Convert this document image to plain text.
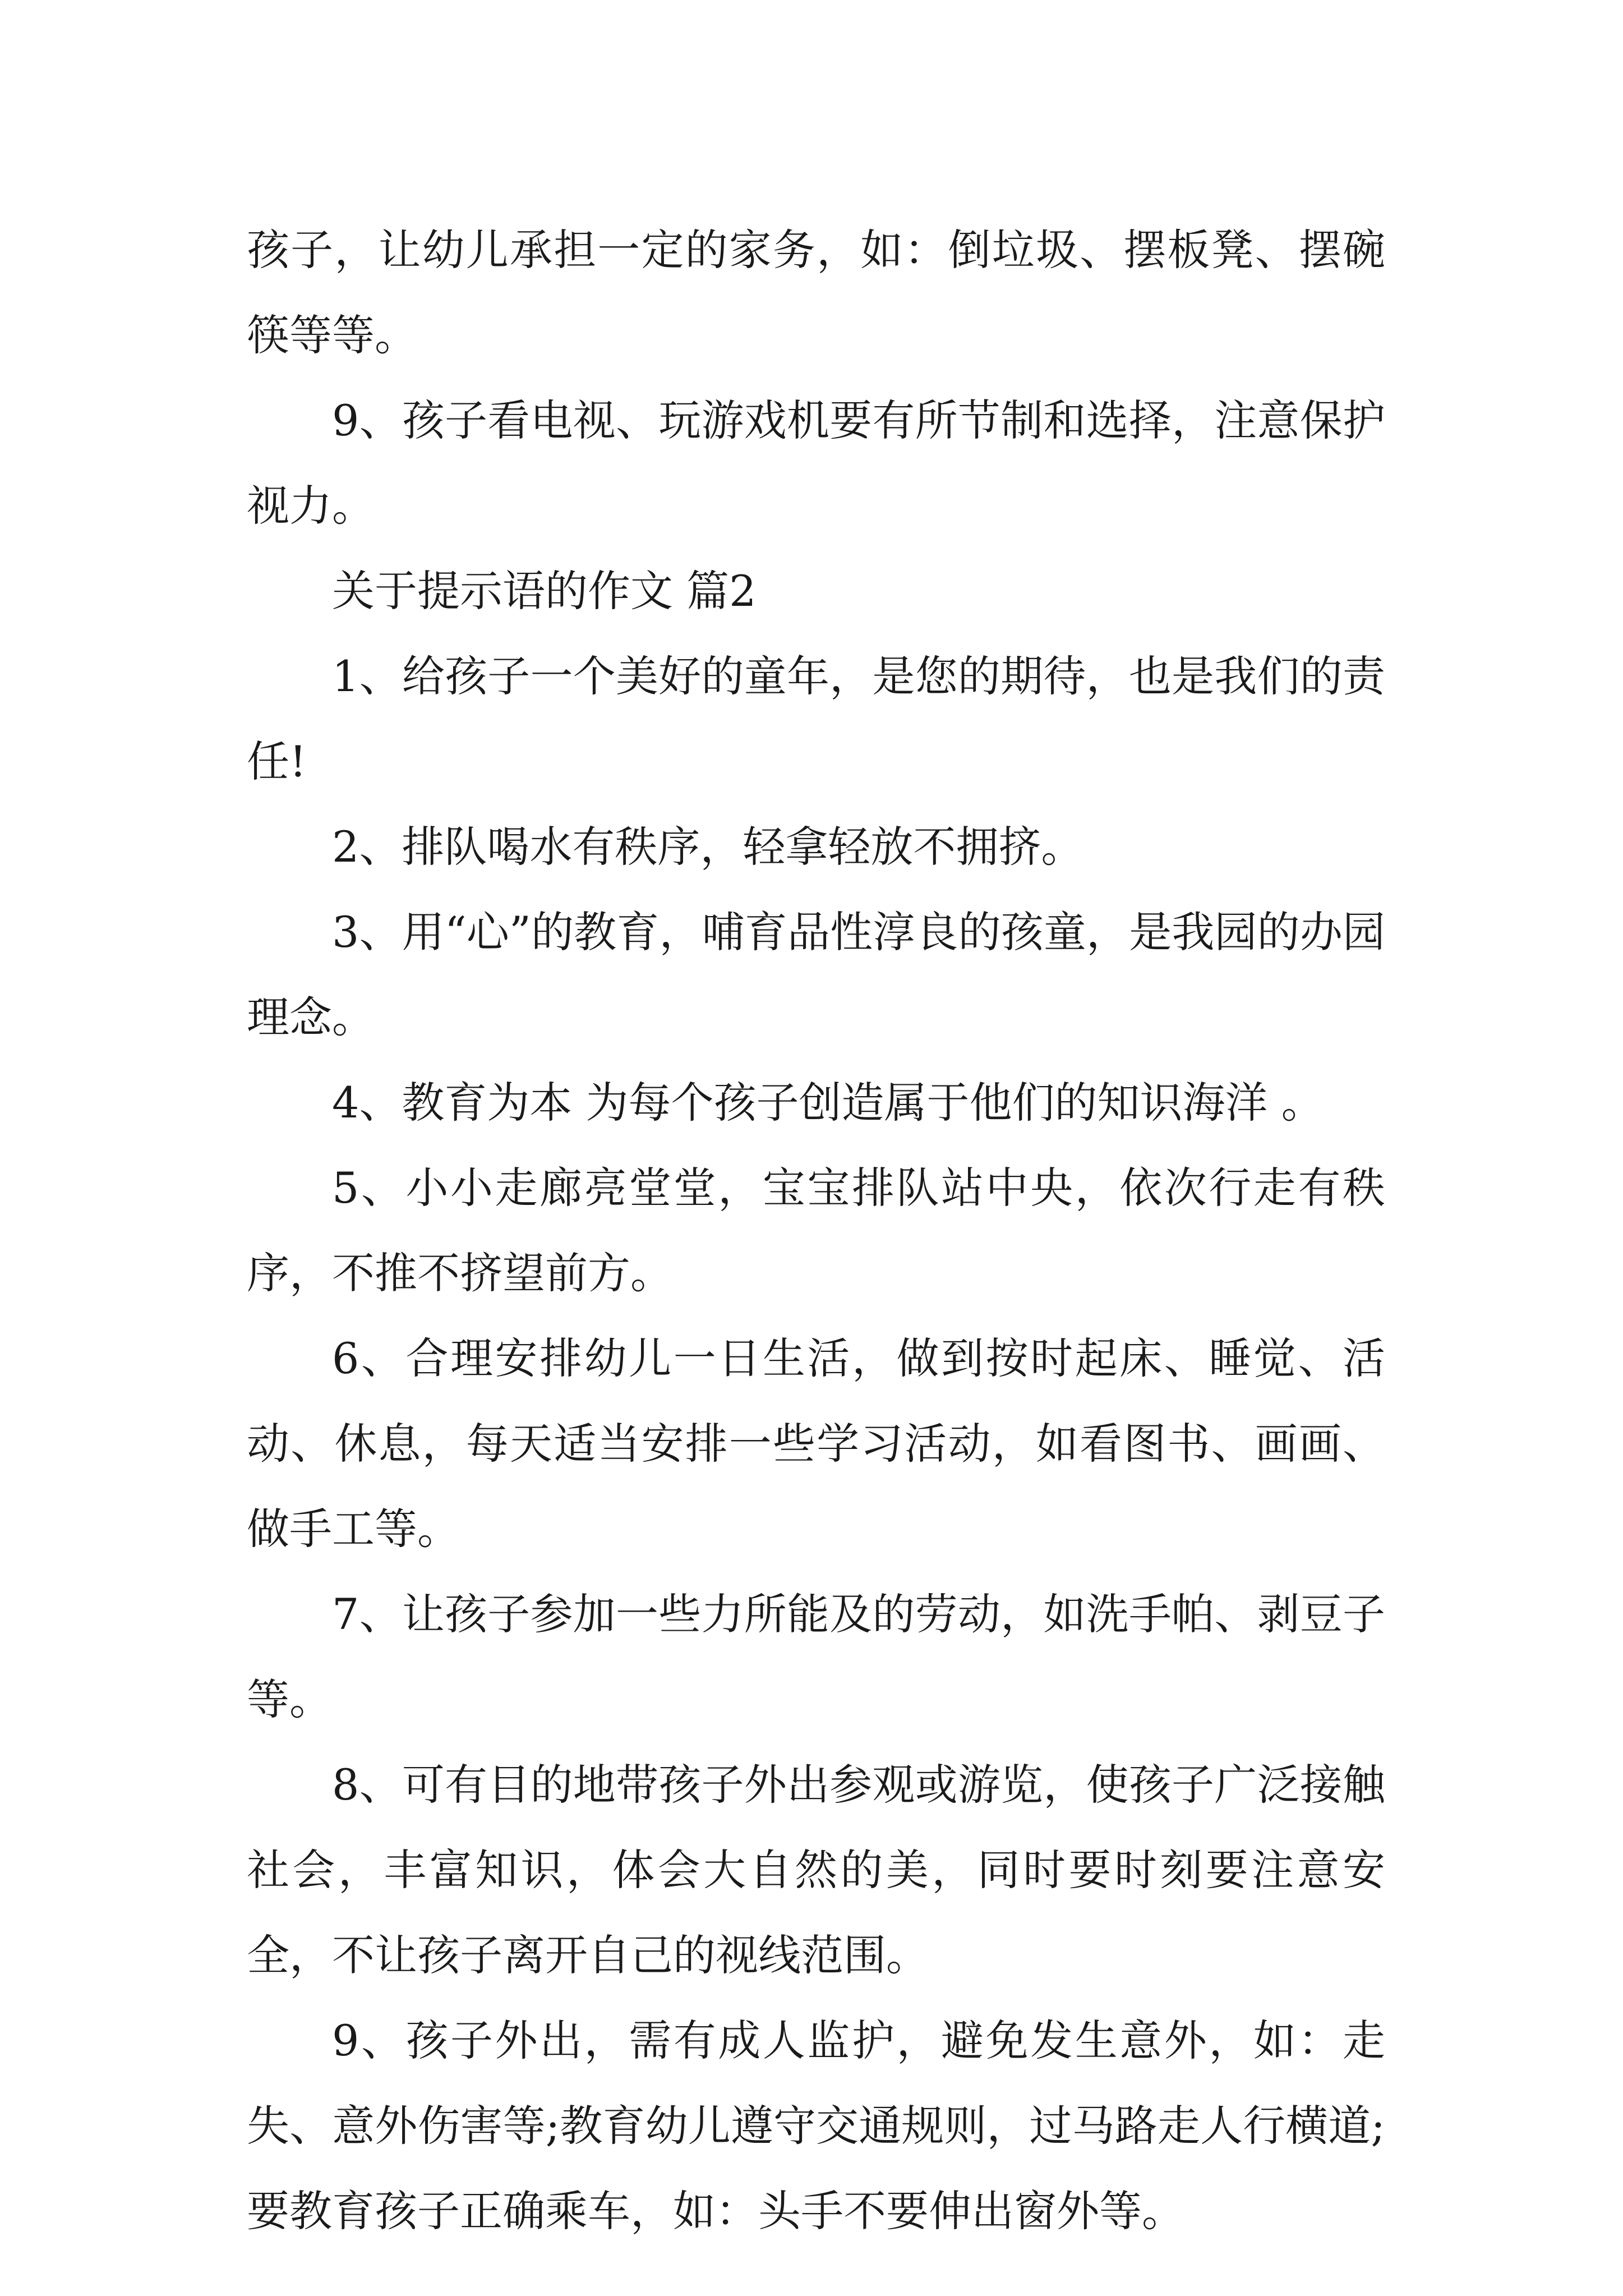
孩子，让幼儿承担一定的家务，如：倒垃圾、摆板凳、摆碗筷等等。

9、孩子看电视、玩游戏机要有所节制和选择，注意保护视力。

关于提示语的作文 篇2

1、给孩子一个美好的童年，是您的期待，也是我们的责任!

2、排队喝水有秩序，轻拿轻放不拥挤。

3、用“心”的教育，哺育品性淳良的孩童，是我园的办园理念。

4、教育为本 为每个孩子创造属于他们的知识海洋 。

5、小小走廊亮堂堂，宝宝排队站中央，依次行走有秩序，不推不挤望前方。

6、合理安排幼儿一日生活，做到按时起床、睡觉、活动、休息，每天适当安排一些学习活动，如看图书、画画、做手工等。

7、让孩子参加一些力所能及的劳动，如洗手帕、剥豆子等。

8、可有目的地带孩子外出参观或游览，使孩子广泛接触社会，丰富知识，体会大自然的美，同时要时刻要注意安全，不让孩子离开自己的视线范围。

9、孩子外出，需有成人监护，避免发生意外，如：走失、意外伤害等;教育幼儿遵守交通规则，过马路走人行横道;要教育孩子正确乘车，如：头手不要伸出窗外等。
